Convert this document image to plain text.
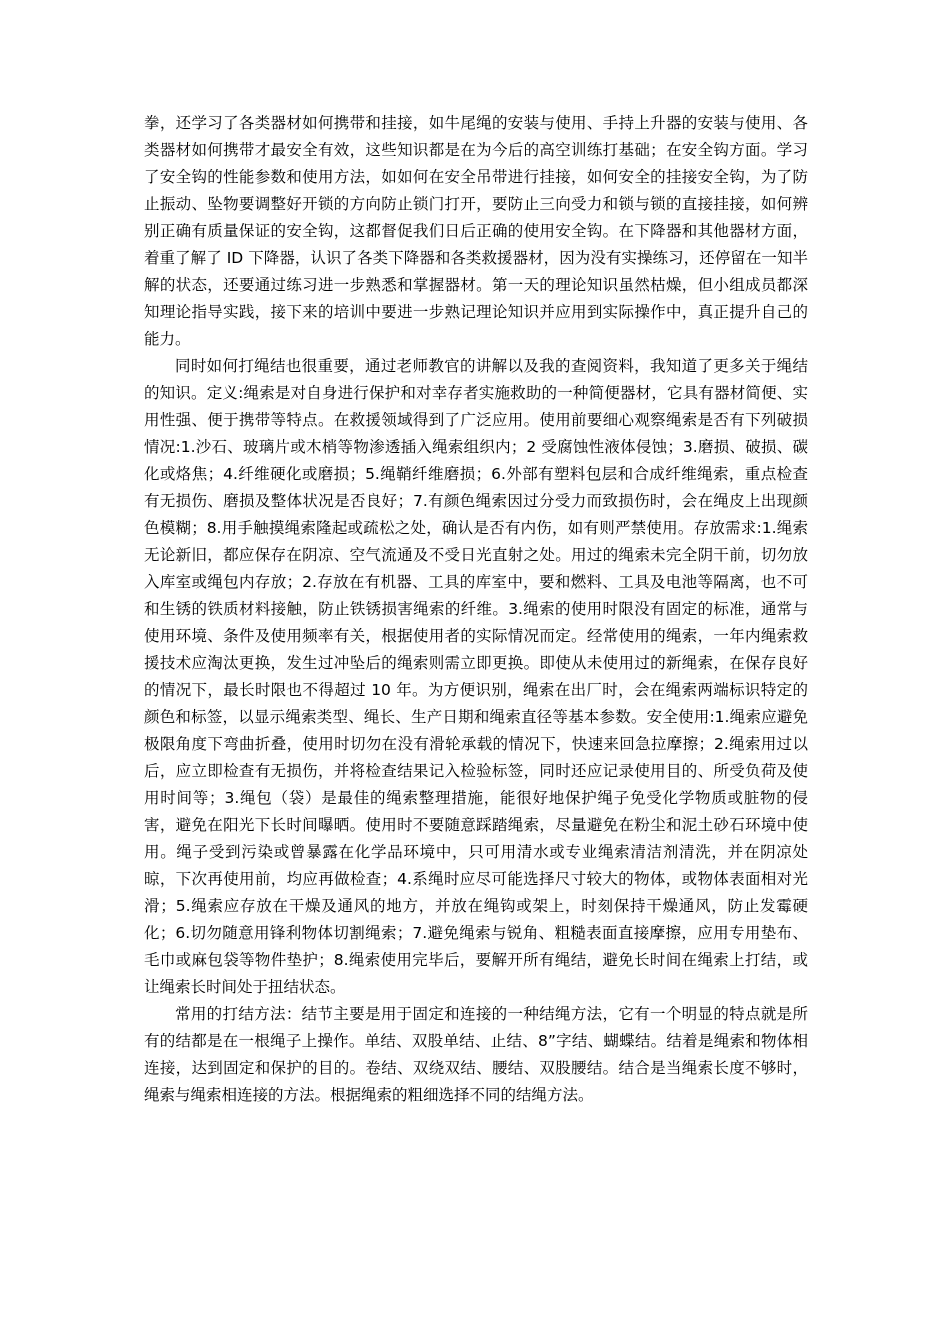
拳，还学习了各类器材如何携带和挂接，如牛尾绳的安装与使用、手持上升器的安装与使用、各类器材如何携带才最安全有效，这些知识都是在为今后的高空训练打基础；在安全钩方面。学习了安全钩的性能参数和使用方法，如如何在安全吊带进行挂接，如何安全的挂接安全钩，为了防止振动、坠物要调整好开锁的方向防止锁门打开，要防止三向受力和锁与锁的直接挂接，如何辨别正确有质量保证的安全钩，这都督促我们日后正确的使用安全钩。在下降器和其他器材方面，着重了解了 ID 下降器，认识了各类下降器和各类救援器材，因为没有实操练习，还停留在一知半解的状态，还要通过练习进一步熟悉和掌握器材。第一天的理论知识虽然枯燥，但小组成员都深知理论指导实践，接下来的培训中要进一步熟记理论知识并应用到实际操作中，真正提升自己的能力。

同时如何打绳结也很重要，通过老师教官的讲解以及我的查阅资料，我知道了更多关于绳结的知识。定义:绳索是对自身进行保护和对幸存者实施救助的一种简便器材，它具有器材简便、实用性强、便于携带等特点。在救援领域得到了广泛应用。使用前要细心观察绳索是否有下列破损情况:1.沙石、玻璃片或木梢等物渗透插入绳索组织内；2 受腐蚀性液体侵蚀；3.磨损、破损、碳化或烙焦；4.纤维硬化或磨损；5.绳鞘纤维磨损；6.外部有塑料包层和合成纤维绳索，重点检查有无损伤、磨损及整体状况是否良好；7.有颜色绳索因过分受力而致损伤时，会在绳皮上出现颜色模糊；8.用手触摸绳索隆起或疏松之处，确认是否有内伤，如有则严禁使用。存放需求:1.绳索无论新旧，都应保存在阴凉、空气流通及不受日光直射之处。用过的绳索未完全阴干前，切勿放入库室或绳包内存放；2.存放在有机器、工具的库室中，要和燃料、工具及电池等隔离，也不可和生锈的铁质材料接触，防止铁锈损害绳索的纤维。3.绳索的使用时限没有固定的标准，通常与使用环境、条件及使用频率有关，根据使用者的实际情况而定。经常使用的绳索，一年内绳索救援技术应淘汰更换，发生过冲坠后的绳索则需立即更换。即使从未使用过的新绳索，在保存良好的情况下，最长时限也不得超过 10 年。为方便识别，绳索在出厂时，会在绳索两端标识特定的颜色和标签，以显示绳索类型、绳长、生产日期和绳索直径等基本参数。安全使用:1.绳索应避免极限角度下弯曲折叠，使用时切勿在没有滑轮承载的情况下，快速来回急拉摩擦；2.绳索用过以后，应立即检查有无损伤，并将检查结果记入检验标签，同时还应记录使用目的、所受负荷及使用时间等；3.绳包（袋）是最佳的绳索整理措施，能很好地保护绳子免受化学物质或脏物的侵害，避免在阳光下长时间曝晒。使用时不要随意踩踏绳索，尽量避免在粉尘和泥土砂石环境中使用。绳子受到污染或曾暴露在化学品环境中，只可用清水或专业绳索清洁剂清洗，并在阴凉处晾，下次再使用前，均应再做检查；4.系绳时应尽可能选择尺寸较大的物体，或物体表面相对光滑；5.绳索应存放在干燥及通风的地方，并放在绳钩或架上，时刻保持干燥通风，防止发霉硬化；6.切勿随意用锋利物体切割绳索；7.避免绳索与锐角、粗糙表面直接摩擦，应用专用垫布、毛巾或麻包袋等物件垫护；8.绳索使用完毕后，要解开所有绳结，避免长时间在绳索上打结，或让绳索长时间处于扭结状态。

常用的打结方法：结节主要是用于固定和连接的一种结绳方法，它有一个明显的特点就是所有的结都是在一根绳子上操作。单结、双股单结、止结、8”字结、蝴蝶结。结着是绳索和物体相连接，达到固定和保护的目的。卷结、双绕双结、腰结、双股腰结。结合是当绳索长度不够时，绳索与绳索相连接的方法。根据绳索的粗细选择不同的结绳方法。
